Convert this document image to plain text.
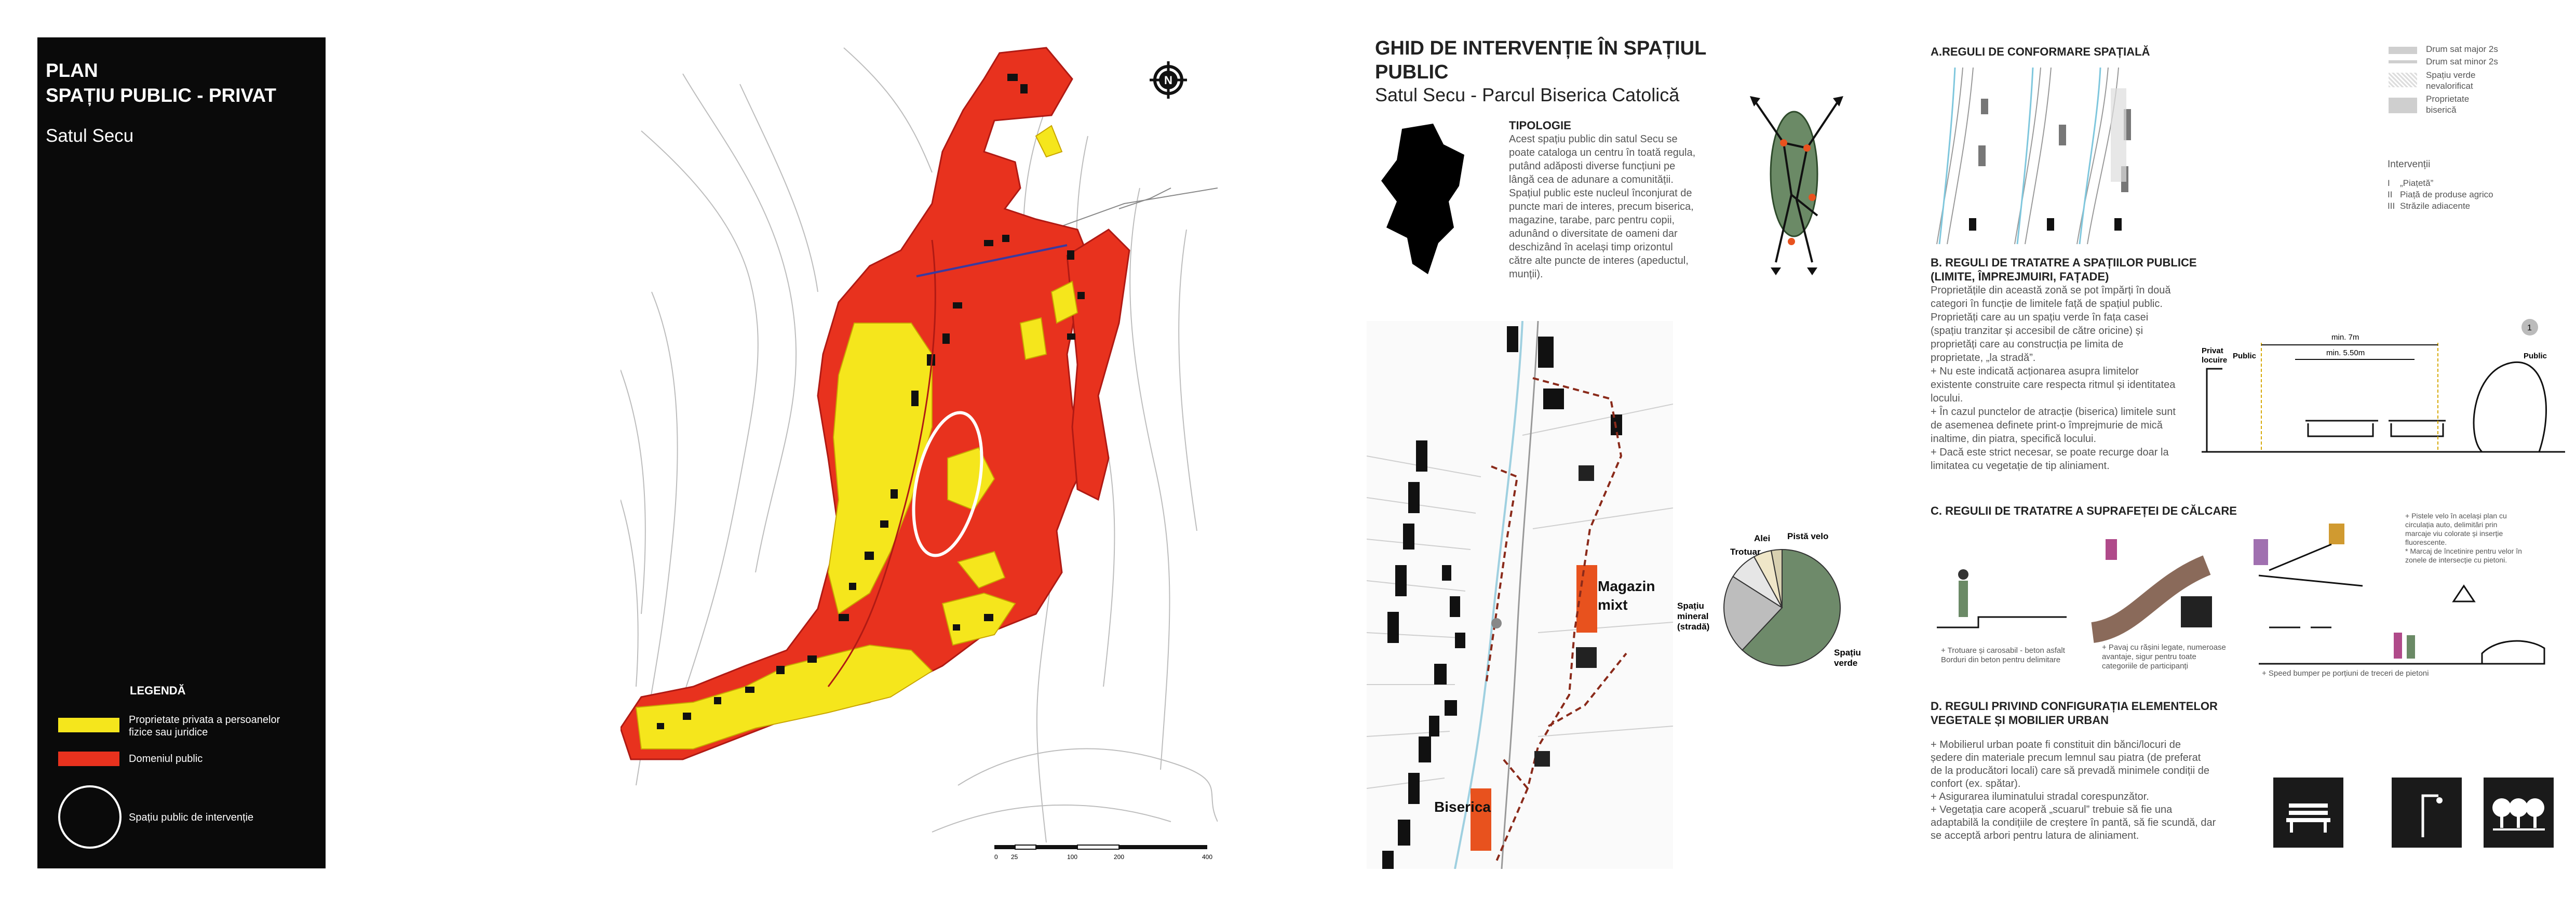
PLAN
SPAȚIU PUBLIC - PRIVAT
Satul Secu
LEGENDĂ
Proprietate privata a persoanelor
fizice sau juridice
Domeniul public
Spațiu public de intervenție
N
0 25	100	200	400
GHID DE INTERVENȚIE ÎN SPAȚIUL
PUBLIC
Satul Secu - Parcul Biserica Catolică
TIPOLOGIE
Acest spațiu public din satul Secu se
poate cataloga un centru în toată regula,
putând adăposti diverse funcțiuni pe
lângă cea de adunare a comunității.
Spațiul public este nucleul înconjurat de
puncte mari de interes, precum biserica,
magazine, tarabe, parc pentru copii,
adunând o diversitate de oameni dar
deschizând în același timp orizontul
către alte puncte de interes (apeductul,
munții).
Magazin
mixt
Biserica
Alei
Trotuar
Pistă velo
Spațiu
mineral
(stradă)
Spațiu
verde
A.REGULI DE CONFORMARE SPAȚIALĂ	Drum sat major 2s
Drum sat minor 2s
Spațiu verde
nevalorificat
Proprietate
biserică
Intervenții
I „Piațetă”
II Piață de produse agrico
III Străzile adiacente
B. REGULI DE TRATATRE A SPAȚIILOR PUBLICE
(LIMITE, ÎMPREJMUIRI, FAȚADE)
Proprietățile din această zonă se pot împărți în două
categori în funcție de limitele față de spațiul public.
Proprietăți care au un spațiu verde în fața casei
(spațiu tranzitar și accesibil de către oricine) și
proprietăți care au construcția pe limita de
proprietate, „la stradă”.
+ Nu este indicată acționarea asupra limitelor
existente construite care respecta ritmul și identitatea
locului.
+ În cazul punctelor de atracție (biserica) limitele sunt
de asemenea definete print-o împrejmurie de mică
inaltime, din piatra, specifică locului.
+ Dacă este strict necesar, se poate recurge doar la
limitatea cu vegetație de tip aliniament.
min. 7m
min. 5.50m
Privat
locuire Public	Public
1
C. REGULII DE TRATATRE A SUPRAFEȚEI DE CĂLCARE
+ Trotuare și carosabil - beton asfalt
Borduri din beton pentru delimitare
+ Pavaj cu rășini legate, numeroase
avantaje, sigur pentru toate
categoriile de participanți
+ Pistele velo în același plan cu
circulația auto, delimitări prin
marcaje viu colorate și inserție
fluorescente.
* Marcaj de încetinire pentru velor în
zonele de intersecție cu pietoni.
+ Speed bumper pe porțiuni de treceri de pietoni
D. REGULI PRIVIND CONFIGURAȚIA ELEMENTELOR
VEGETALE ȘI MOBILIER URBAN
+ Mobilierul urban poate fi constituit din bănci/locuri de
ședere din materiale precum lemnul sau piatra (de preferat
de la producători locali) care să prevadă minimele condiții de
confort (ex. spătar).
+ Asigurarea iluminatului stradal corespunzător.
+ Vegetația care acoperă „scuarul” trebuie să fie una
adaptabilă la condițiile de creștere în pantă, să fie scundă, dar
se acceptă arbori pentru latura de aliniament.
